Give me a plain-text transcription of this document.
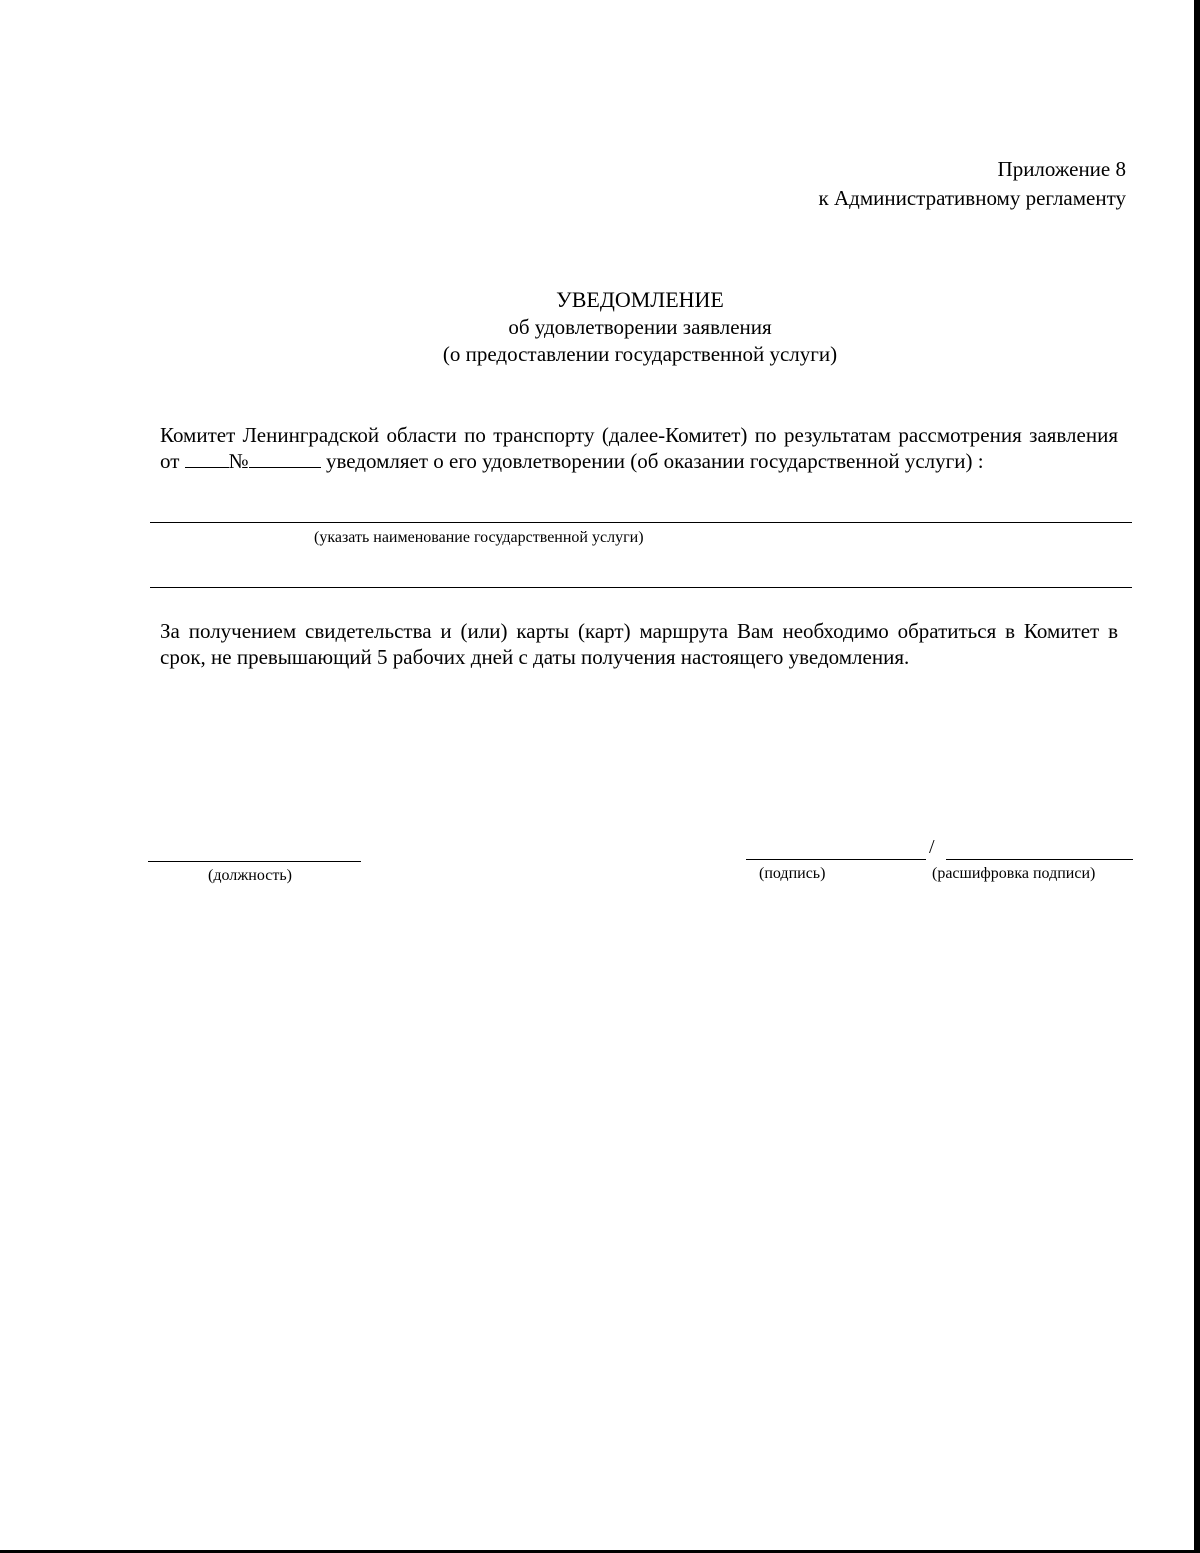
Приложение 8
к Административному регламенту
УВЕДОМЛЕНИЕ
об удовлетворении заявления
(о предоставлении государственной услуги)
Комитет Ленинградской области по транспорту (далее-Комитет) по результатам рассмотрения заявления от №	уведомляет о его удовлетворении (об оказании государственной услуги) :
(указать наименование государственной услуги)
За получением свидетельства и (или) карты (карт) маршрута Вам необходимо обратиться в Комитет в срок, не превышающий 5 рабочих дней с даты получения настоящего уведомления.
(должность)
/
(подпись)	(расшифровка подписи)
